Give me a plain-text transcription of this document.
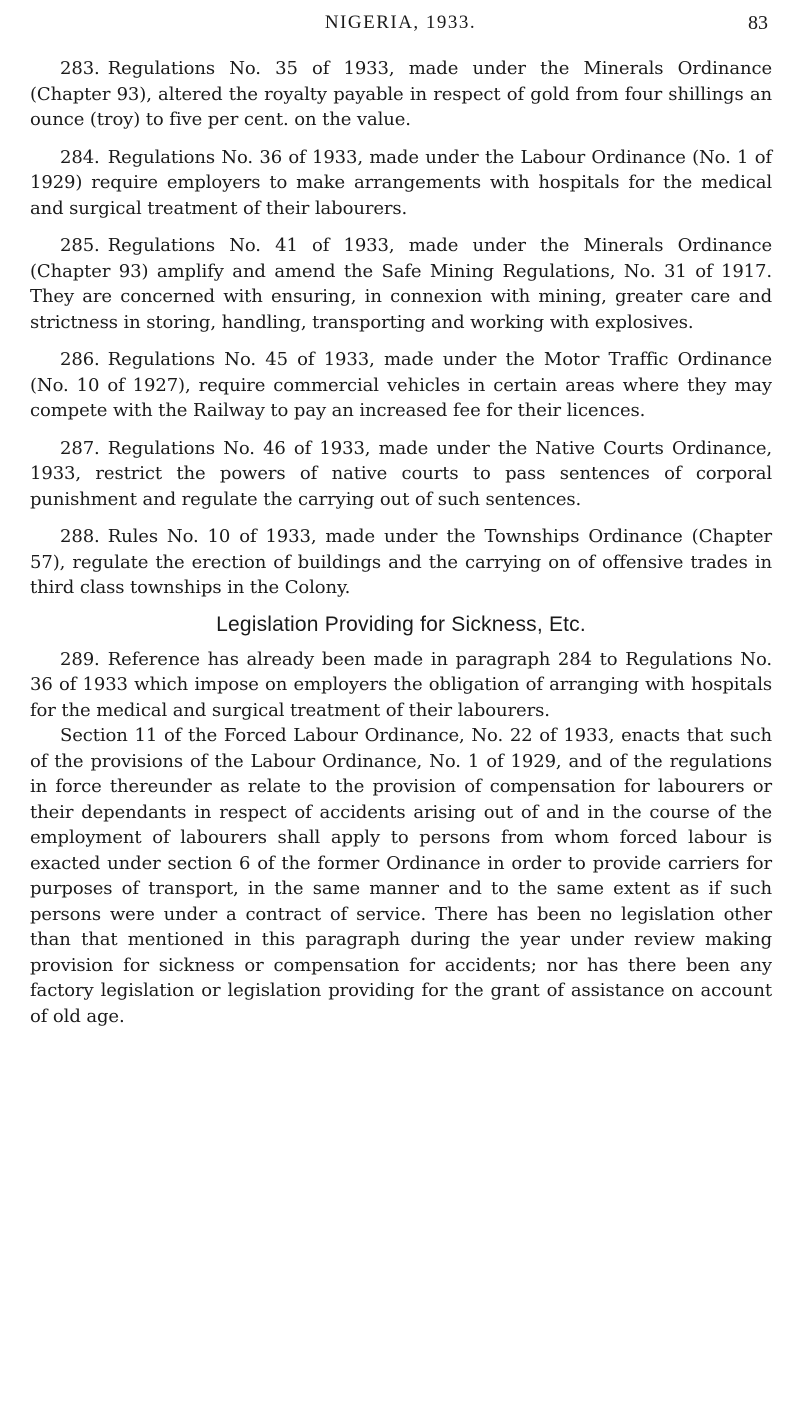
NIGERIA, 1933.	83

283. Regulations No. 35 of 1933, made under the Minerals Ordinance (Chapter 93), altered the royalty payable in respect of gold from four shillings an ounce (troy) to five per cent. on the value.

284. Regulations No. 36 of 1933, made under the Labour Ordinance (No. 1 of 1929) require employers to make arrangements with hospitals for the medical and surgical treatment of their labourers.

285. Regulations No. 41 of 1933, made under the Minerals Ordinance (Chapter 93) amplify and amend the Safe Mining Regulations, No. 31 of 1917. They are concerned with ensuring, in connexion with mining, greater care and strictness in storing, handling, transporting and working with explosives.

286. Regulations No. 45 of 1933, made under the Motor Traffic Ordinance (No. 10 of 1927), require commercial vehicles in certain areas where they may compete with the Railway to pay an increased fee for their licences.

287. Regulations No. 46 of 1933, made under the Native Courts Ordinance, 1933, restrict the powers of native courts to pass sentences of corporal punishment and regulate the carrying out of such sentences.

288. Rules No. 10 of 1933, made under the Townships Ordinance (Chapter 57), regulate the erection of buildings and the carrying on of offensive trades in third class townships in the Colony.

Legislation Providing for Sickness, Etc.

289. Reference has already been made in paragraph 284 to Regulations No. 36 of 1933 which impose on employers the obligation of arranging with hospitals for the medical and surgical treatment of their labourers.

Section 11 of the Forced Labour Ordinance, No. 22 of 1933, enacts that such of the provisions of the Labour Ordinance, No. 1 of 1929, and of the regulations in force thereunder as relate to the provision of compensation for labourers or their dependants in respect of accidents arising out of and in the course of the employment of labourers shall apply to persons from whom forced labour is exacted under section 6 of the former Ordinance in order to provide carriers for purposes of transport, in the same manner and to the same extent as if such persons were under a contract of service. There has been no legislation other than that mentioned in this paragraph during the year under review making provision for sickness or compensation for accidents; nor has there been any factory legislation or legislation providing for the grant of assistance on account of old age.
